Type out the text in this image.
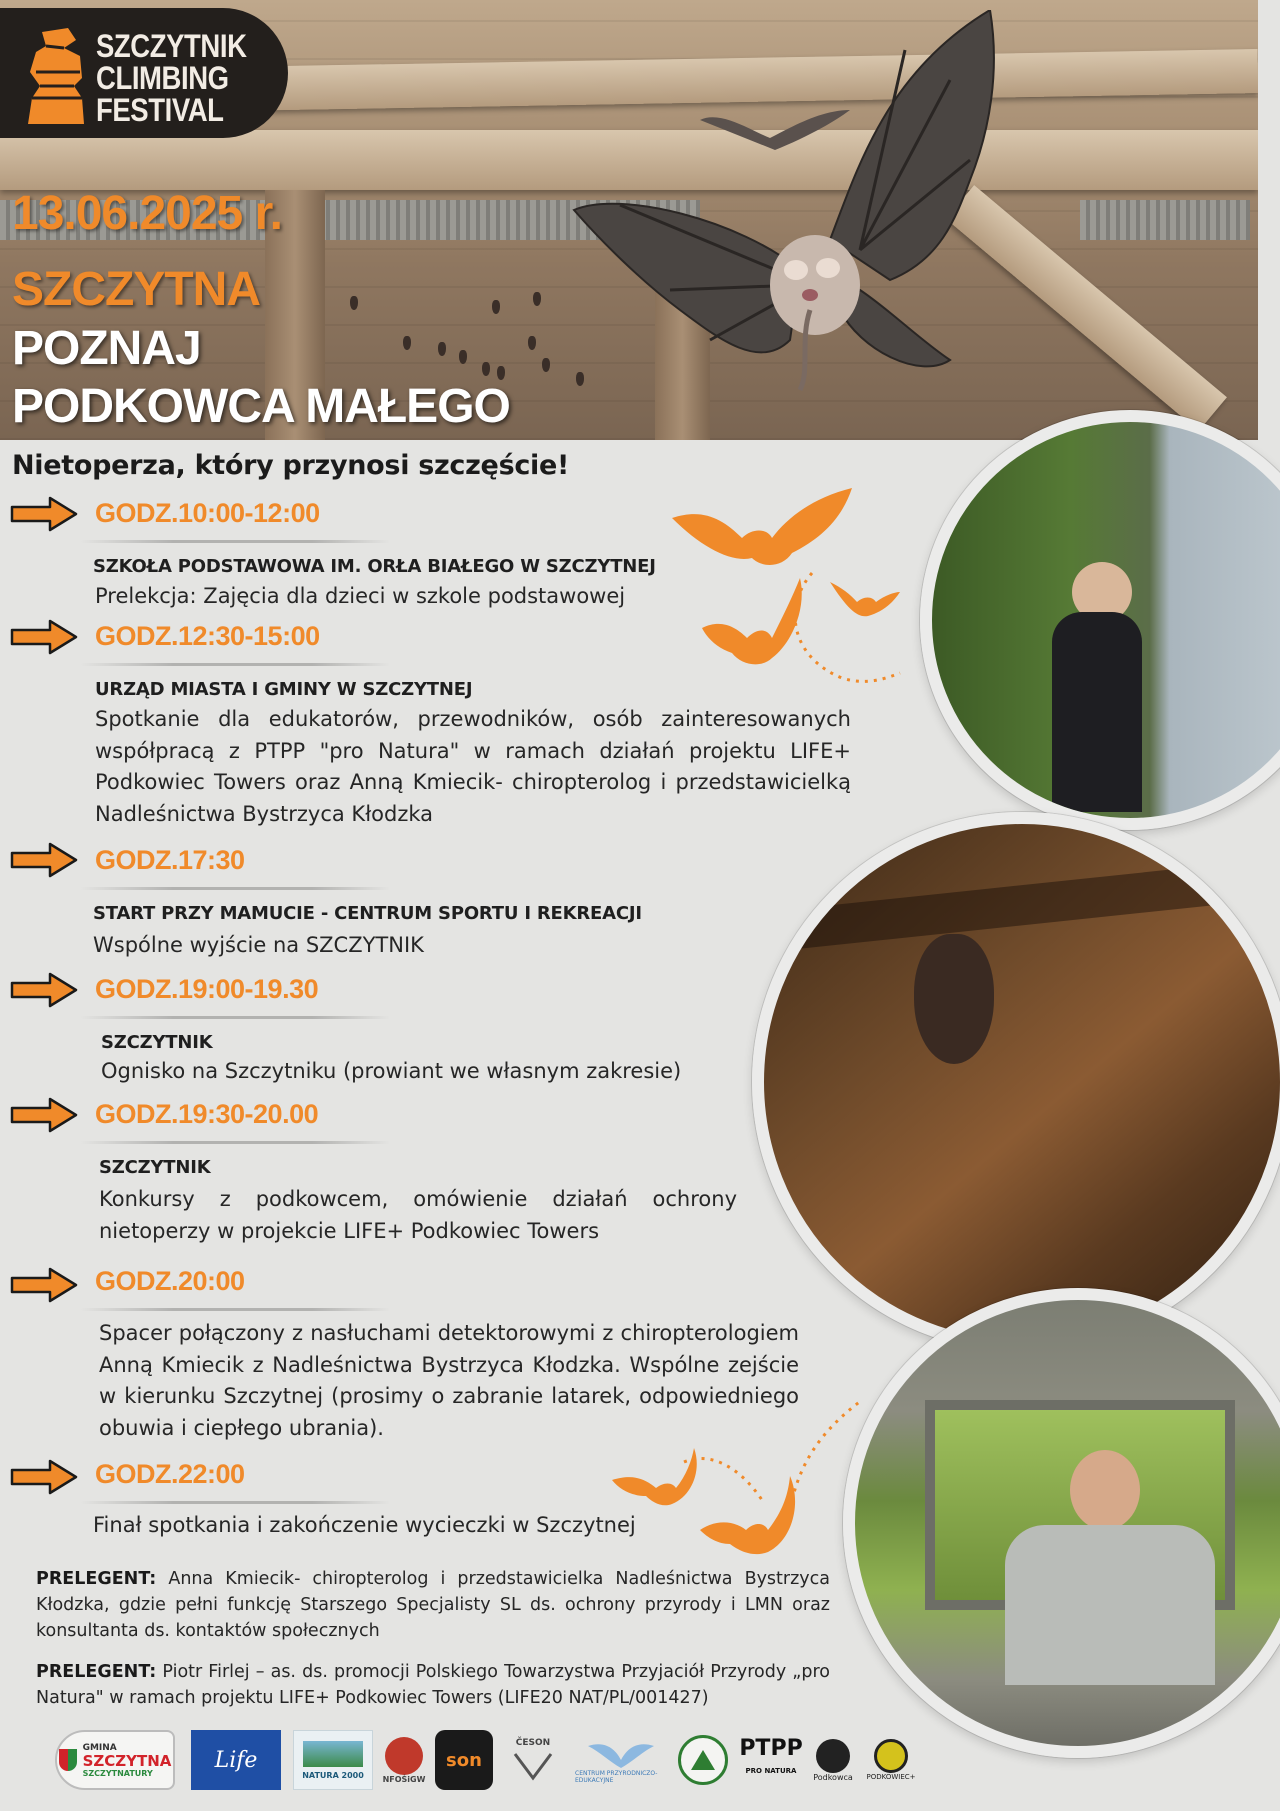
SZCZYTNIK
CLIMBING
FESTIVAL
13.06.2025 r.
SZCZYTNA
POZNAJ
PODKOWCA MAŁEGO
Nietoperza, który przynosi szczęście!
GODZ.10:00-12:00
SZKOŁA PODSTAWOWA IM. ORŁA BIAŁEGO W SZCZYTNEJ
Prelekcja: Zajęcia dla dzieci w szkole podstawowej
GODZ.12:30-15:00
URZĄD MIASTA I GMINY W SZCZYTNEJ
Spotkanie dla edukatorów, przewodników, osób zainteresowanych współpracą z PTPP "pro Natura" w ramach działań projektu LIFE+ Podkowiec Towers oraz Anną Kmiecik- chiropterolog i przedstawicielką Nadleśnictwa Bystrzyca Kłodzka
GODZ.17:30
START PRZY MAMUCIE - CENTRUM SPORTU I REKREACJI
Wspólne wyjście na SZCZYTNIK
GODZ.19:00-19.30
SZCZYTNIK
Ognisko na Szczytniku (prowiant we własnym zakresie)
GODZ.19:30-20.00
SZCZYTNIK
Konkursy z podkowcem, omówienie działań ochrony nietoperzy w projekcie LIFE+ Podkowiec Towers
GODZ.20:00
Spacer połączony z nasłuchami detektorowymi z chiropterologiem Anną Kmiecik z Nadleśnictwa Bystrzyca Kłodzka. Wspólne zejście w kierunku Szczytnej (prosimy o zabranie latarek, odpowiedniego obuwia i ciepłego ubrania).
GODZ.22:00
Finał spotkania i zakończenie wycieczki w Szczytnej
PRELEGENT: Anna Kmiecik- chiropterolog i przedstawicielka Nadleśnictwa Bystrzyca Kłodzka, gdzie pełni funkcję Starszego Specjalisty SL ds. ochrony przyrody i LMN oraz konsultanta ds. kontaktów społecznych
PRELEGENT: Piotr Firlej – as. ds. promocji Polskiego Towarzystwa Przyjaciół Przyrody „pro Natura" w ramach projektu LIFE+ Podkowiec Towers (LIFE20 NAT/PL/001427)
GMINA
SZCZYTNA
SZCZYTNATURY
Life
NATURA 2000 NFOŚiGW
son
ČESON
CENTRUM PRZYRODNICZO-EDUKACYJNE
PTPP
PRO NATURA
Podkowca PODKOWIEC+
